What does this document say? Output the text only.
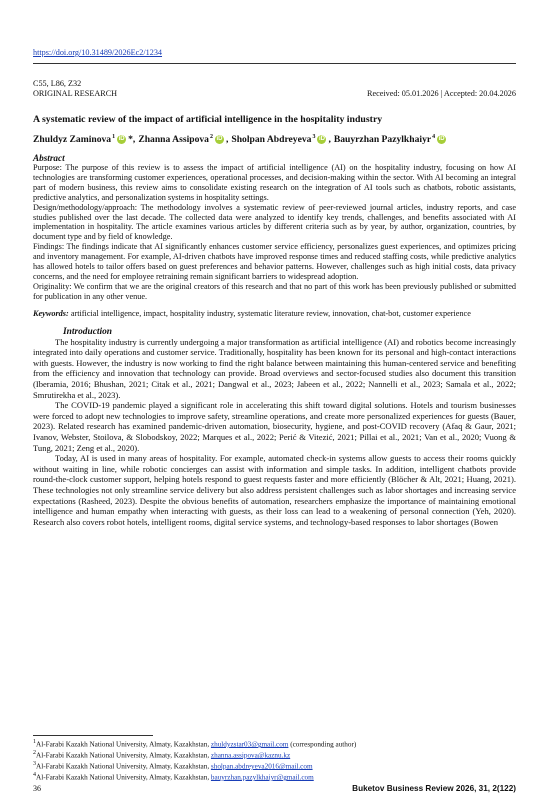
https://doi.org/10.31489/2026Ec2/1234
C55, L86, Z32
ORIGINAL RESEARCH	Received: 05.01.2026 | Accepted: 20.04.2026
A systematic review of the impact of artificial intelligence in the hospitality industry
Zhuldyz Zaminova$^1$ iD * , Zhanna Assipova$^2$ iD , Sholpan Abdreyeva$^3$ iD , Bauyrzhan Pazylkhaiyr$^4$ iD
Abstract

Purpose: The purpose of this review is to assess the impact of artificial intelligence (AI) on the hospitality industry, focusing on how AI technologies are transforming customer experiences, operational processes, and decision-making within the sector. With AI becoming an integral part of modern business, this review aims to consolidate existing research on the integration of AI tools such as chatbots, robotic assistants, predictive analytics, and personalization systems in hospitality settings.

Design/methodology/approach: The methodology involves a systematic review of peer-reviewed journal articles, industry reports, and case studies published over the last decade. The collected data were analyzed to identify key trends, challenges, and benefits associated with AI implementation in hospitality. The article examines various articles by different criteria such as by year, by author, organization, countries, by document type and by field of knowledge.

Findings: The findings indicate that AI significantly enhances customer service efficiency, personalizes guest experiences, and optimizes pricing and inventory management. For example, AI-driven chatbots have improved response times and reduced staffing costs, while predictive analytics has allowed hotels to tailor offers based on guest preferences and behavior patterns. However, challenges such as high initial costs, data privacy concerns, and the need for employee retraining remain significant barriers to widespread adoption.

Originality: We confirm that we are the original creators of this research and that no part of this work has been previously published or submitted for publication in any other venue.

Keywords: artificial intelligence, impact, hospitality industry, systematic literature review, innovation, chat-bot, customer experience
Introduction

The hospitality industry is currently undergoing a major transformation as artificial intelligence (AI) and robotics become increasingly integrated into daily operations and customer service. Traditionally, hospitality has been known for its personal and high-contact interactions with guests. However, the industry is now working to find the right balance between maintaining this human-centered service and benefiting from the efficiency and innovation that technology can provide. Broad overviews and sector-focused studies also document this transition (Iberamia, 2016; Bhushan, 2021; Citak et al., 2021; Dangwal et al., 2023; Jabeen et al., 2022; Nannelli et al., 2023; Samala et al., 2022; Smrutirekha et al., 2023).

The COVID-19 pandemic played a significant role in accelerating this shift toward digital solutions. Hotels and tourism businesses were forced to adopt new technologies to improve safety, streamline operations, and create more personalized experiences for guests (Bauer, 2023). Related research has examined pandemic-driven automation, biosecurity, hygiene, and post-COVID recovery (Afaq & Gaur, 2021; Ivanov, Webster, Stoilova, & Slobodskoy, 2022; Marques et al., 2022; Perić & Vitezić, 2021; Pillai et al., 2021; Van et al., 2020; Vuong & Tung, 2021; Zeng et al., 2020).

Today, AI is used in many areas of hospitality. For example, automated check-in systems allow guests to access their rooms quickly without waiting in line, while robotic concierges can assist with information and simple tasks. In addition, intelligent chatbots provide round-the-clock customer support, helping hotels respond to guest requests faster and more efficiently (Blöcher & Alt, 2021; Huang, 2021). These technologies not only streamline service delivery but also address persistent challenges such as labor shortages and increasing service expectations (Rasheed, 2023). Despite the obvious benefits of automation, researchers emphasize the importance of maintaining emotional intelligence and human empathy when interacting with guests, as their loss can lead to a weakening of personal connection (Yeh, 2020). Research also covers robot hotels, intelligent rooms, digital service systems, and technology-based responses to labor shortages (Bowen

$^1$Al-Farabi Kazakh National University, Almaty, Kazakhstan, zhuldyzstar03@gmail.com (corresponding author)
$^2$Al-Farabi Kazakh National University, Almaty, Kazakhstan, zhanna.assipova@kaznu.kz
$^3$Al-Farabi Kazakh National University, Almaty, Kazakhstan, sholpan.abdreyeva2016@mail.com
$^4$Al-Farabi Kazakh National University, Almaty, Kazakhstan, bauyrzhan.pazylkhaiyr@gmail.com
36	Buketov Business Review 2026, 31, 2(122)
